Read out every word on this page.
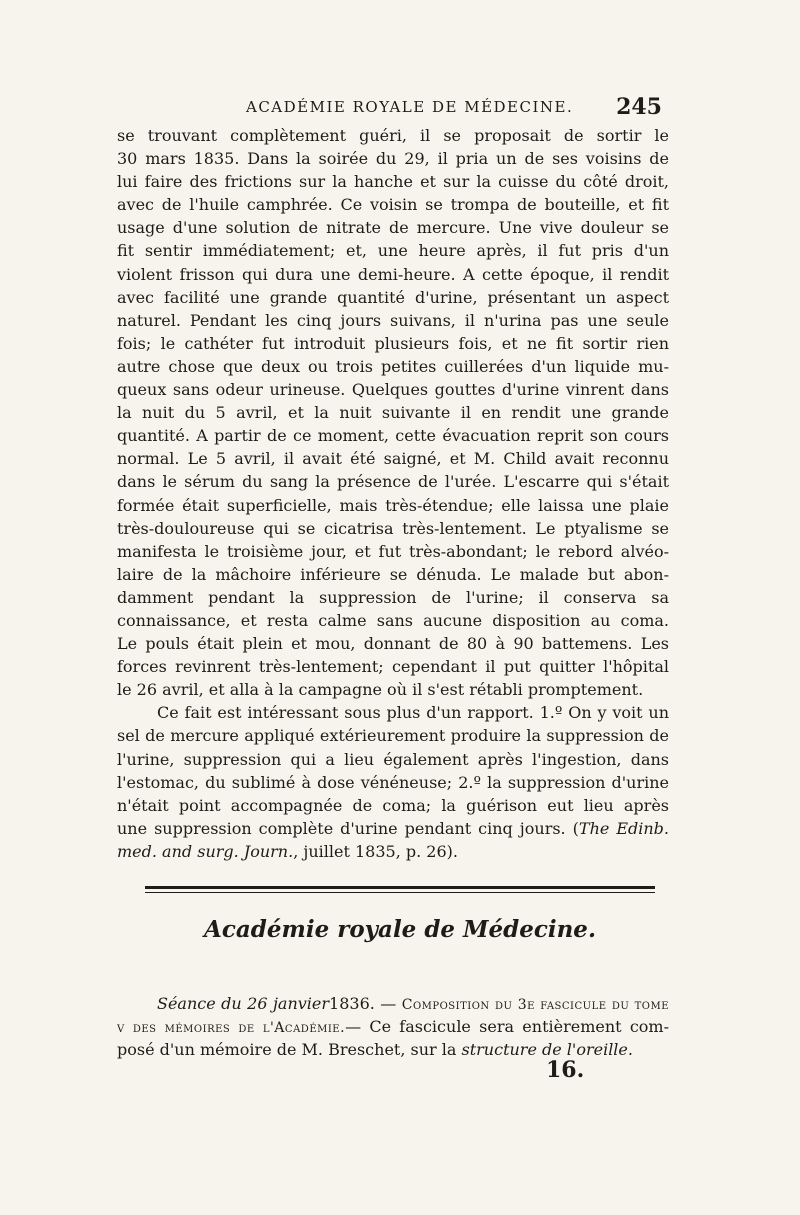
ACADÉMIE ROYALE DE MÉDECINE. 245
se trouvant complètement guéri, il se proposait de sortir le
30 mars 1835. Dans la soirée du 29, il pria un de ses voisins de
lui faire des frictions sur la hanche et sur la cuisse du côté droit,
avec de l'huile camphrée. Ce voisin se trompa de bouteille, et fit
usage d'une solution de nitrate de mercure. Une vive douleur se
fit sentir immédiatement; et, une heure après, il fut pris d'un
violent frisson qui dura une demi-heure. A cette époque, il rendit
avec facilité une grande quantité d'urine, présentant un aspect
naturel. Pendant les cinq jours suivans, il n'urina pas une seule
fois; le cathéter fut introduit plusieurs fois, et ne fit sortir rien
autre chose que deux ou trois petites cuillerées d'un liquide mu-
queux sans odeur urineuse. Quelques gouttes d'urine vinrent dans
la nuit du 5 avril, et la nuit suivante il en rendit une grande
quantité. A partir de ce moment, cette évacuation reprit son cours
normal. Le 5 avril, il avait été saigné, et M. Child avait reconnu
dans le sérum du sang la présence de l'urée. L'escarre qui s'était
formée était superficielle, mais très-étendue; elle laissa une plaie
très-douloureuse qui se cicatrisa très-lentement. Le ptyalisme se
manifesta le troisième jour, et fut très-abondant; le rebord alvéo-
laire de la mâchoire inférieure se dénuda. Le malade but abon-
damment pendant la suppression de l'urine; il conserva sa
connaissance, et resta calme sans aucune disposition au coma.
Le pouls était plein et mou, donnant de 80 à 90 battemens. Les
forces revinrent très-lentement; cependant il put quitter l'hôpital
le 26 avril, et alla à la campagne où il s'est rétabli promptement.
Ce fait est intéressant sous plus d'un rapport. 1.º On y voit un
sel de mercure appliqué extérieurement produire la suppression de
l'urine, suppression qui a lieu également après l'ingestion, dans
l'estomac, du sublimé à dose vénéneuse; 2.º la suppression d'urine
n'était point accompagnée de coma; la guérison eut lieu après
une suppression complète d'urine pendant cinq jours. (The Edinb.
med. and surg. Journ., juillet 1835, p. 26).
Académie royale de Médecine.
Séance du 26 janvier1836. — Composition du 3e fascicule du tome
v des mémoires de l'Académie.— Ce fascicule sera entièrement com-
posé d'un mémoire de M. Breschet, sur la structure de l'oreille.
16.
